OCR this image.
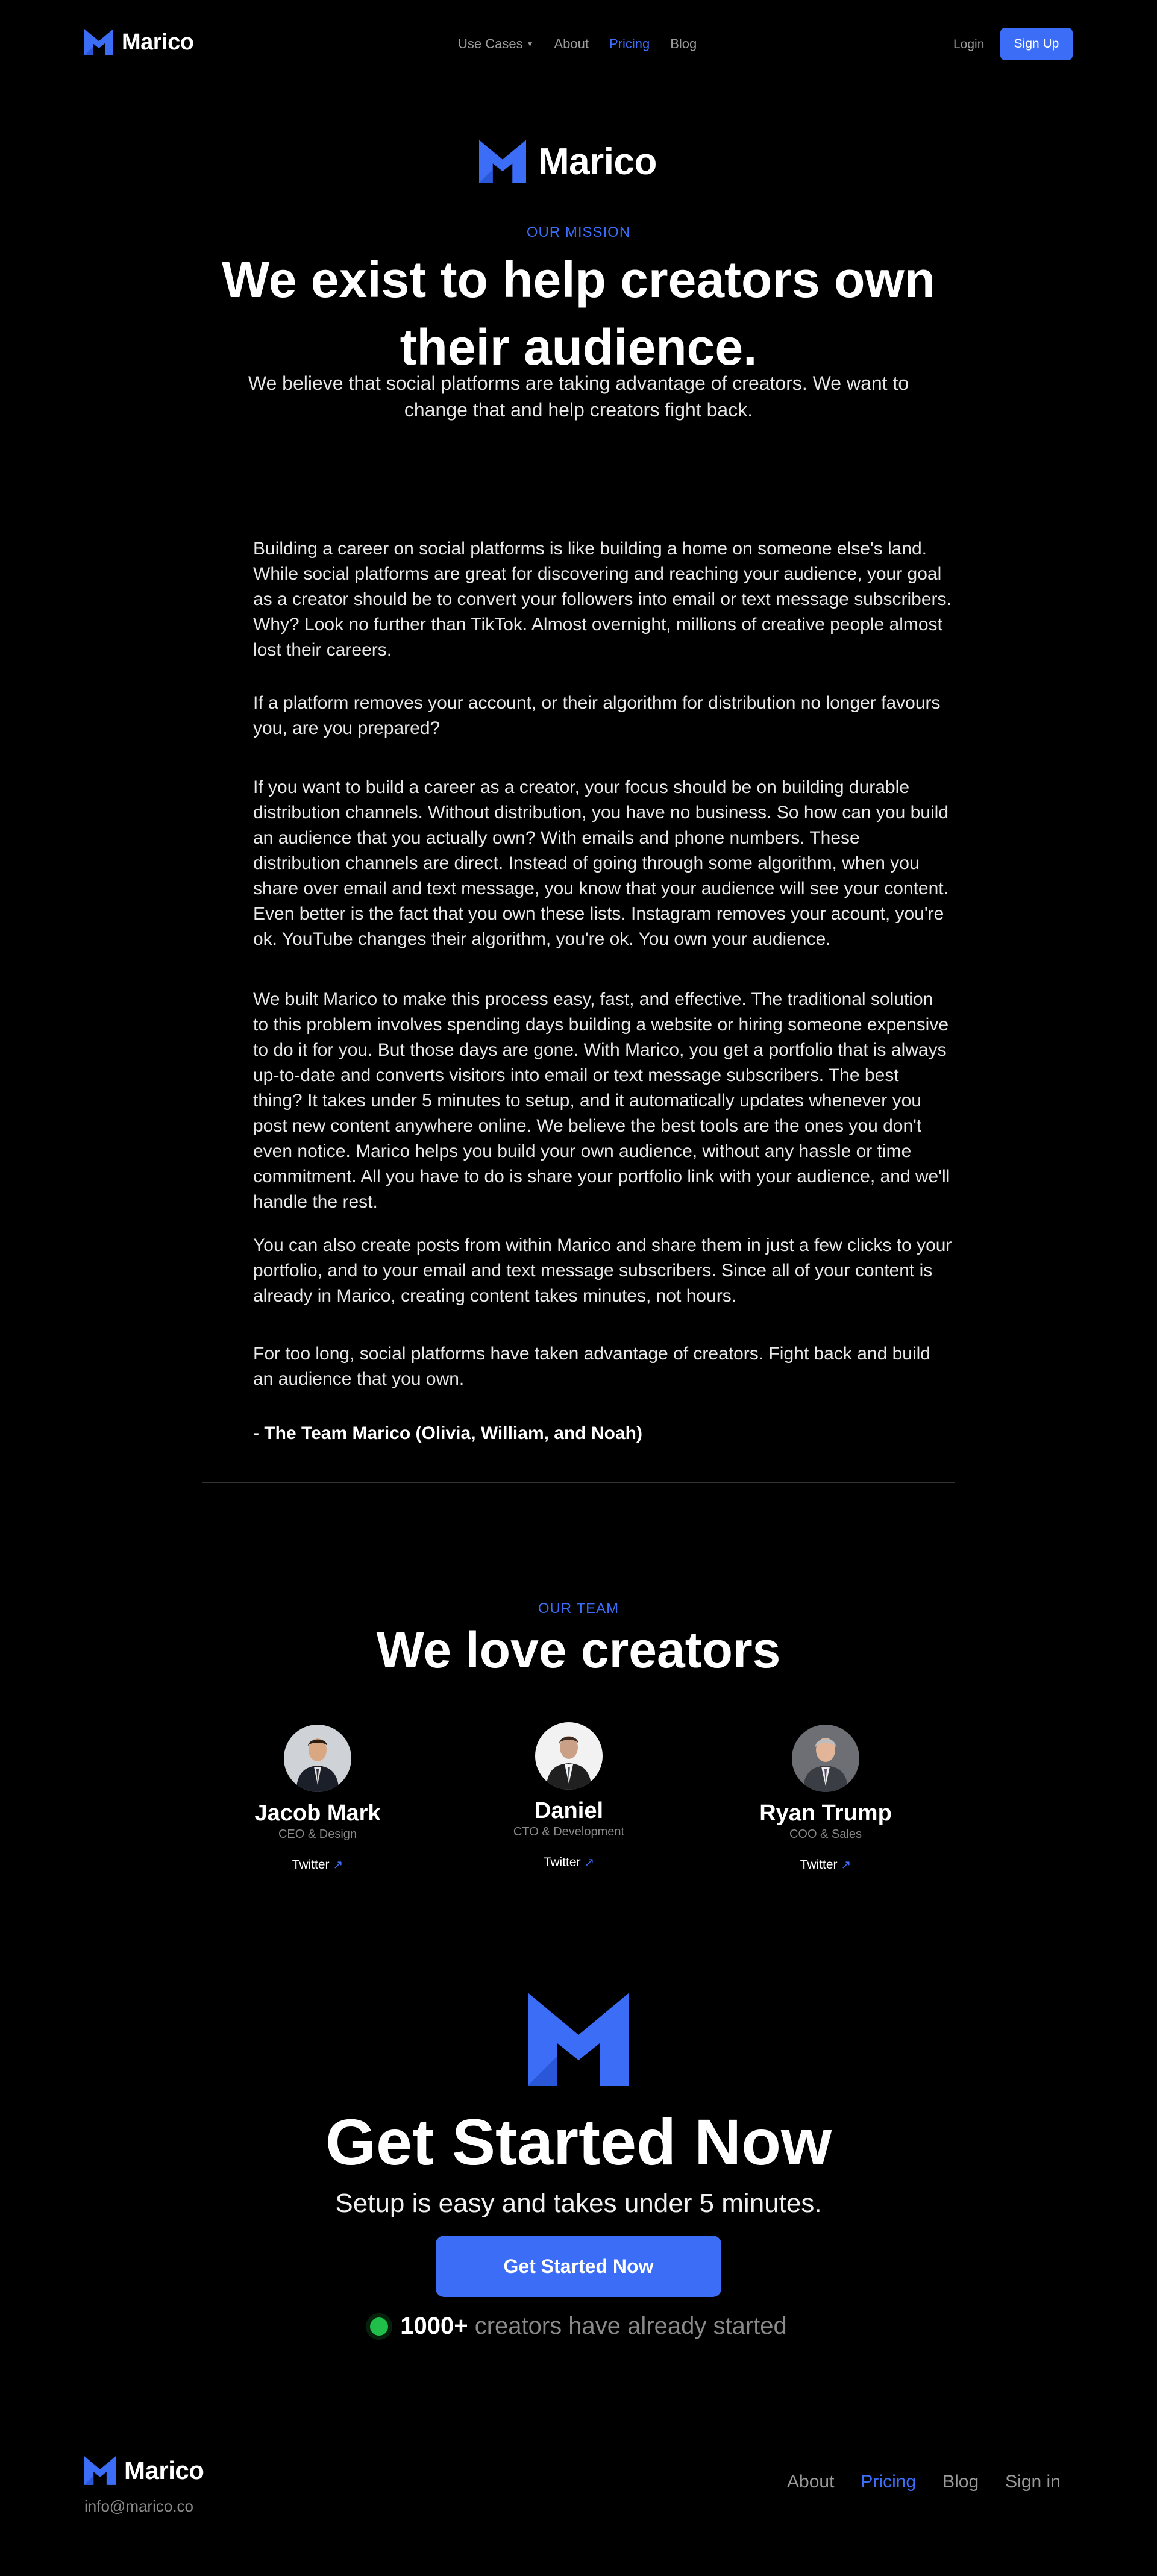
Marico	Use Cases ▼ About Pricing Blog	Login	Sign Up
Marico
OUR MISSION
We exist to help creators own their audience.

We believe that social platforms are taking advantage of creators. We want to change that and help creators fight back.

Building a career on social platforms is like building a home on someone else's land. While social platforms are great for discovering and reaching your audience, your goal as a creator should be to convert your followers into email or text message subscribers. Why? Look no further than TikTok. Almost overnight, millions of creative people almost lost their careers.

If a platform removes your account, or their algorithm for distribution no longer favours you, are you prepared?

If you want to build a career as a creator, your focus should be on building durable distribution channels. Without distribution, you have no business. So how can you build an audience that you actually own? With emails and phone numbers. These distribution channels are direct. Instead of going through some algorithm, when you share over email and text message, you know that your audience will see your content. Even better is the fact that you own these lists. Instagram removes your acount, you're ok. YouTube changes their algorithm, you're ok. You own your audience.

We built Marico to make this process easy, fast, and effective. The traditional solution to this problem involves spending days building a website or hiring someone expensive to do it for you. But those days are gone. With Marico, you get a portfolio that is always up-to-date and converts visitors into email or text message subscribers. The best thing? It takes under 5 minutes to setup, and it automatically updates whenever you post new content anywhere online. We believe the best tools are the ones you don't even notice. Marico helps you build your own audience, without any hassle or time commitment. All you have to do is share your portfolio link with your audience, and we'll handle the rest.

You can also create posts from within Marico and share them in just a few clicks to your portfolio, and to your email and text message subscribers. Since all of your content is already in Marico, creating content takes minutes, not hours.

For too long, social platforms have taken advantage of creators. Fight back and build an audience that you own.

- The Team Marico (Olivia, William, and Noah)

OUR TEAM
We love creators
Jacob Mark
CEO & Design
Twitter ↗
Daniel
CTO & Development
Twitter ↗
Ryan Trump
COO & Sales
Twitter ↗
Get Started Now

Setup is easy and takes under 5 minutes.

Get Started Now
1000+ creators have already started
Marico
info@marico.co
About Pricing Blog Sign in
